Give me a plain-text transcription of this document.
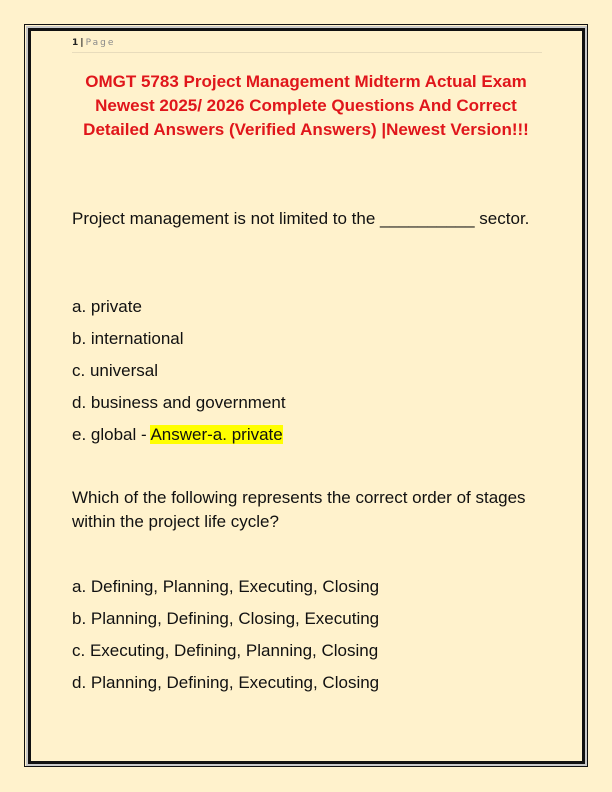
1 | Page
OMGT 5783 Project Management Midterm Actual Exam Newest 2025/ 2026 Complete Questions And Correct Detailed Answers (Verified Answers) |Newest Version!!!
Project management is not limited to the __________ sector.
a. private
b. international
c. universal
d. business and government
e. global - Answer-a. private
Which of the following represents the correct order of stages within the project life cycle?
a. Defining, Planning, Executing, Closing
b. Planning, Defining, Closing, Executing
c. Executing, Defining, Planning, Closing
d. Planning, Defining, Executing, Closing
